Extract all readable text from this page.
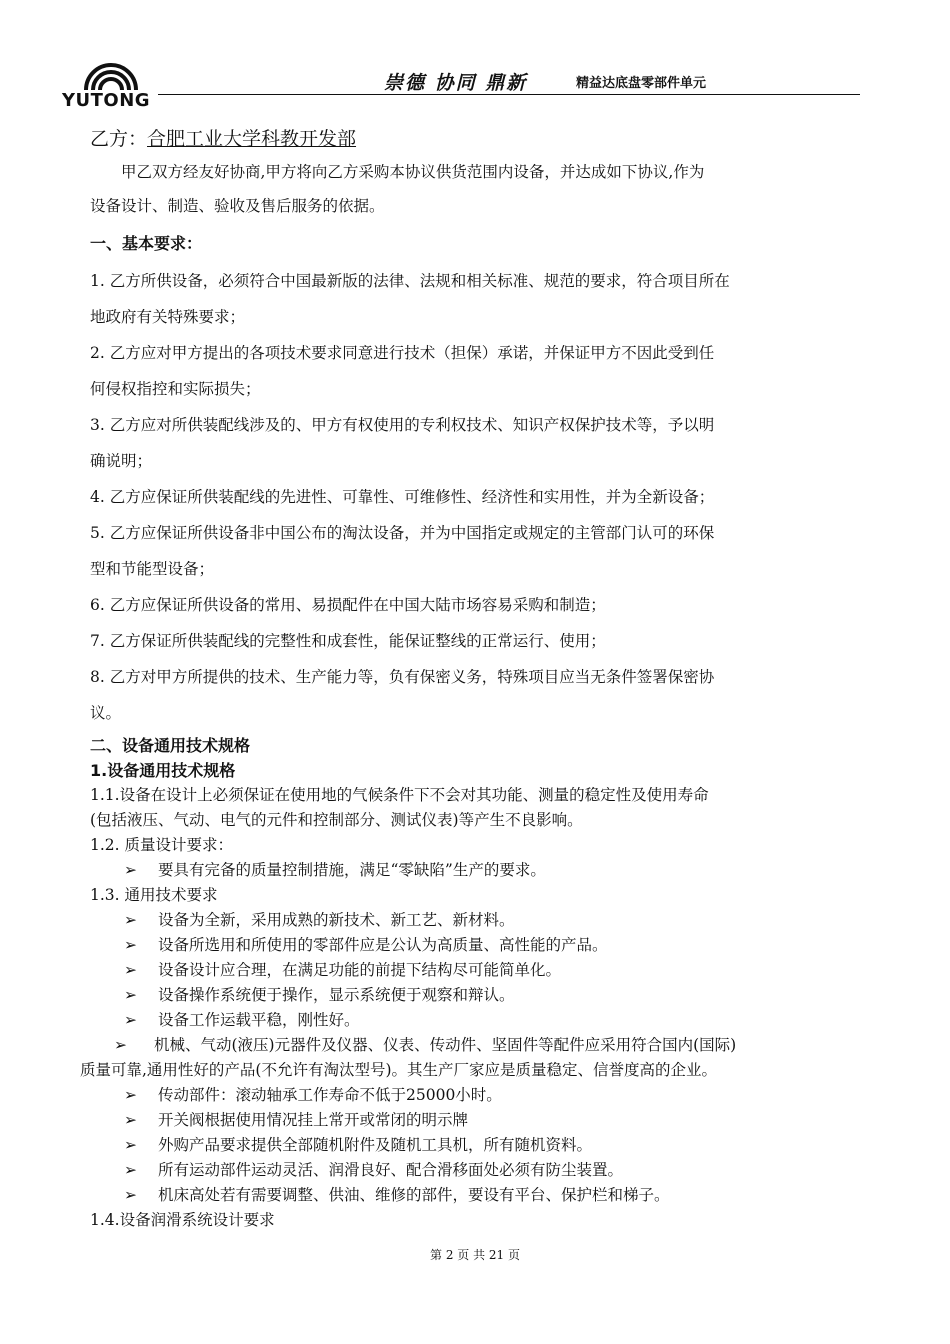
YUTONG
崇德 协同 鼎新	精益达底盘零部件单元

乙方：合肥工业大学科教开发部

甲乙双方经友好协商,甲方将向乙方采购本协议供货范围内设备，并达成如下协议,作为

设备设计、制造、验收及售后服务的依据。

一、基本要求：

1. 乙方所供设备，必须符合中国最新版的法律、法规和相关标准、规范的要求，符合项目所在

地政府有关特殊要求；

2. 乙方应对甲方提出的各项技术要求同意进行技术（担保）承诺，并保证甲方不因此受到任

何侵权指控和实际损失；

3. 乙方应对所供装配线涉及的、甲方有权使用的专利权技术、知识产权保护技术等，予以明

确说明；

4. 乙方应保证所供装配线的先进性、可靠性、可维修性、经济性和实用性，并为全新设备；

5. 乙方应保证所供设备非中国公布的淘汰设备，并为中国指定或规定的主管部门认可的环保

型和节能型设备；

6. 乙方应保证所供设备的常用、易损配件在中国大陆市场容易采购和制造；

7. 乙方保证所供装配线的完整性和成套性，能保证整线的正常运行、使用；

8. 乙方对甲方所提供的技术、生产能力等，负有保密义务，特殊项目应当无条件签署保密协

议。

二、设备通用技术规格

1.设备通用技术规格

1.1.设备在设计上必须保证在使用地的气候条件下不会对其功能、测量的稳定性及使用寿命

(包括液压、气动、电气的元件和控制部分、测试仪表)等产生不良影响。

1.2. 质量设计要求：

➢ 要具有完备的质量控制措施，满足“零缺陷”生产的要求。

1.3. 通用技术要求

➢ 设备为全新，采用成熟的新技术、新工艺、新材料。

➢ 设备所选用和所使用的零部件应是公认为高质量、高性能的产品。

➢ 设备设计应合理，在满足功能的前提下结构尽可能简单化。

➢ 设备操作系统便于操作，显示系统便于观察和辩认。

➢ 设备工作运载平稳，刚性好。

➢ 机械、气动(液压)元器件及仪器、仪表、传动件、坚固件等配件应采用符合国内(国际)

质量可靠,通用性好的产品(不允许有淘汰型号)。其生产厂家应是质量稳定、信誉度高的企业。

➢ 传动部件：滚动轴承工作寿命不低于25000小时。

➢ 开关阀根据使用情况挂上常开或常闭的明示牌

➢ 外购产品要求提供全部随机附件及随机工具机，所有随机资料。

➢ 所有运动部件运动灵活、润滑良好、配合滑移面处必须有防尘装置。

➢ 机床高处若有需要调整、供油、维修的部件，要设有平台、保护栏和梯子。

1.4.设备润滑系统设计要求

第 2 页 共 21 页
